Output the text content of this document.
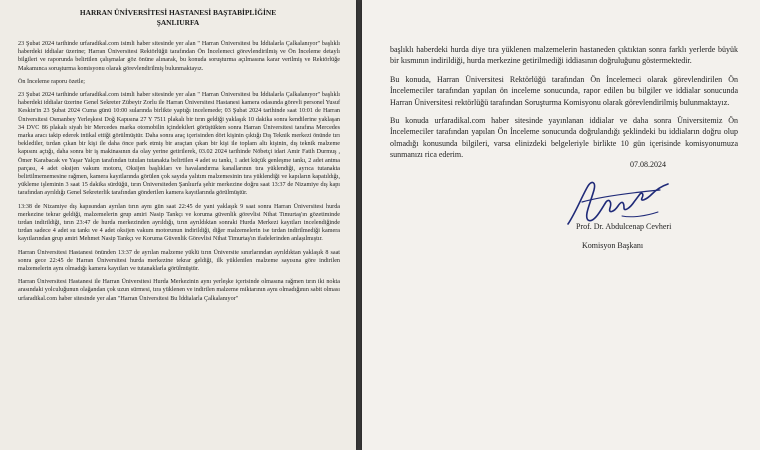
HARRAN ÜNİVERSİTESİ HASTANESİ BAŞTABİPLİĞİNE
ŞANLIURFA

23 Şubat 2024 tarihinde urfaradikal.com isimli haber sitesinde yer alan " Harran Üniversitesi bu İddialarla Çalkalanıyor" başlıklı haberdeki iddialar üzerine; Harran Üniversitesi Rektörlüğü tarafından Ön İncelemeci görevlendirilmiş ve Ön İnceleme detaylı bilgileri ve raporunda belirtilen çalışmalar göz önüne alınarak, bu konuda soruşturma açılmasına karar verilmiş ve Rektörlüğe Makamınca soruşturma komisyonu olarak görevlendirilmiş bulunmaktayız.

Ön İnceleme raporu özetle;

23 Şubat 2024 tarihinde urfaradikal.com isimli haber sitesinde yer alan " Harran Üniversitesi bu İddialarla Çalkalanıyor" başlıklı haberdeki iddialar üzerine Genel Sekreter Zübeyir Zorlu ile Harran Üniversitesi Hastanesi kamera odasında görevli personel Yusuf Keskin'in 23 Şubat 2024 Cuma günü 10:00 sularında birlikte yaptığı incelemede; 03 Şubat 2024 tarihinde saat 10:01 de Harran Üniversitesi Osmanbey Yerleşkesi Doğ Kapısına 27 Y 7511 plakalı bir tırın geldiği yaklaşık 10 dakika sonra kendilerine yaklaşan 34 DVC 86 plakalı siyah bir Mercedes marka otomobilin içindekileri görüştükten sonra Harran Üniversitesi tarafına Mercedes marka aracı takip ederek intikal ettiği görülmüştür. Daha sonra araç içerisinden dört kişinin çıktığı Dış Teknik merkezi önünde tırı beklediler, tırdan çıkan bir kişi ile daha önce park etmiş bir araçtan çıkan bir kişi ile toplam altı kişinin, dış teknik malzeme kapısını açtığı, daha sonra bir iş makinasının da olay yerine getirilerek, 03.02 2024 tarihinde Nöbetçi idari Amir Fatih Durmuş , Ömer Karabacak ve Yaşar Yalçın tarafından tutulan tutanakta belirtilen 4 adet su tankı, 1 adet küçük genleşme tankı, 2 adet antma parçası, 4 adet oksijen vakum motoru, Oksijen başlıkları ve havalandırma kanallarının tıra yüklendiği, ayrıca tutanakta belirtilmememesine rağmen, kamera kayıtlarında görülen çok sayıda yalıtım malzemesinin tıra yüklendiği ve kapıların kapatıldığı, yükleme işleminin 3 saat 15 dakika sürdüğü, tırın Üniversiteden Şanlıurfa şehir merkezine doğru saat 13:37 de Nizamiye dış kapı tarafından ayrıldığı Genel Sekreterlik tarafından gönderilen kamera kayıtlarında görülmüştür.

13:38 de Nizamiye dış kapısından ayrılan tırın aynı gün saat 22:45 de yani yaklaşık 9 saat sonra Harran Üniversitesi hurda merkezine tekrar geldiği, malzemelerin grup amiri Nasip Tankçı ve koruma güvenlik görevlisi Nihat Timurtaş'ın gözetiminde tırdan indirildiği, tırın 23:47 de hurda merkezinden ayrıldığı, tırın ayrıldıktan sonraki Hurda Merkezi kayıtları incelendiğinde tırdan sadece 4 adet su tankı ve 4 adet oksijen vakum motorunun indirildiği, diğer malzemelerin ise tırdan indirilmediği kamera kayıtlarından grup amiri Mehmet Nasip Tankçı ve Koruma Güvenlik Görevlisi Nihat Timurtaş'ın ifadelerinden anlaşılmıştır.

Harran Üniversitesi Hastanesi önünden 13:37 de ayrılan malzeme yüklü tırın Üniversite sınırlarından ayrıldıktan yaklaşık 8 saat sonra gece 22:45 de Harran Üniversitesi hurda merkezine tekrar geldiği, ilk yüklenilen malzeme sayısına göre indirilen malzemelerin aynı olmadığı kamera kayıtları ve tutanaklarla görülmüştür.

Harran Üniversitesi Hastanesi ile Harran Üniversitesi Hurda Merkezinin aynı yerleşke içerisinde olmasına rağmen tırın iki nokta arasındaki yolculuğunun olağandan çok uzun sürmesi, tıra yüklenen ve indirilen malzeme miktarının aynı olmadığının sabit olması urfaradikal.com haber sitesinde yer alan "Harran Üniversitesi Bu İddialarla Çalkalanıyor"

başlıklı haberdeki hurda diye tıra yüklenen malzemelerin hastaneden çıktıktan sonra farklı yerlerde büyük bir kısmının indirildiği, hurda merkezine getirilmediği iddiasının doğruluğunu göstermektedir.

Bu konuda, Harran Üniversitesi Rektörlüğü tarafından Ön İncelemeci olarak görevlendirilen Ön İncelemeciler tarafından yapılan ön inceleme sonucunda, rapor edilen bu bilgiler ve iddialar sonucunda Harran Üniversitesi rektörlüğü tarafından Soruşturma Komisyonu olarak görevlendirilmiş bulunmaktayız.

Bu konuda urfaradikal.com haber sitesinde yayınlanan iddialar ve daha sonra Üniversitemiz Ön İncelemeciler tarafından yapılan Ön İnceleme sonucunda doğrulandığı şeklindeki bu iddiaların doğru olup olmadığı konusunda bilgileri, varsa elinizdeki belgeleriyle birlikte 10 gün içerisinde komisyonumuza sunmanızı rica ederim.

07.08.2024
Prof. Dr. Abdulcenap Cevheri
Komisyon Başkanı
